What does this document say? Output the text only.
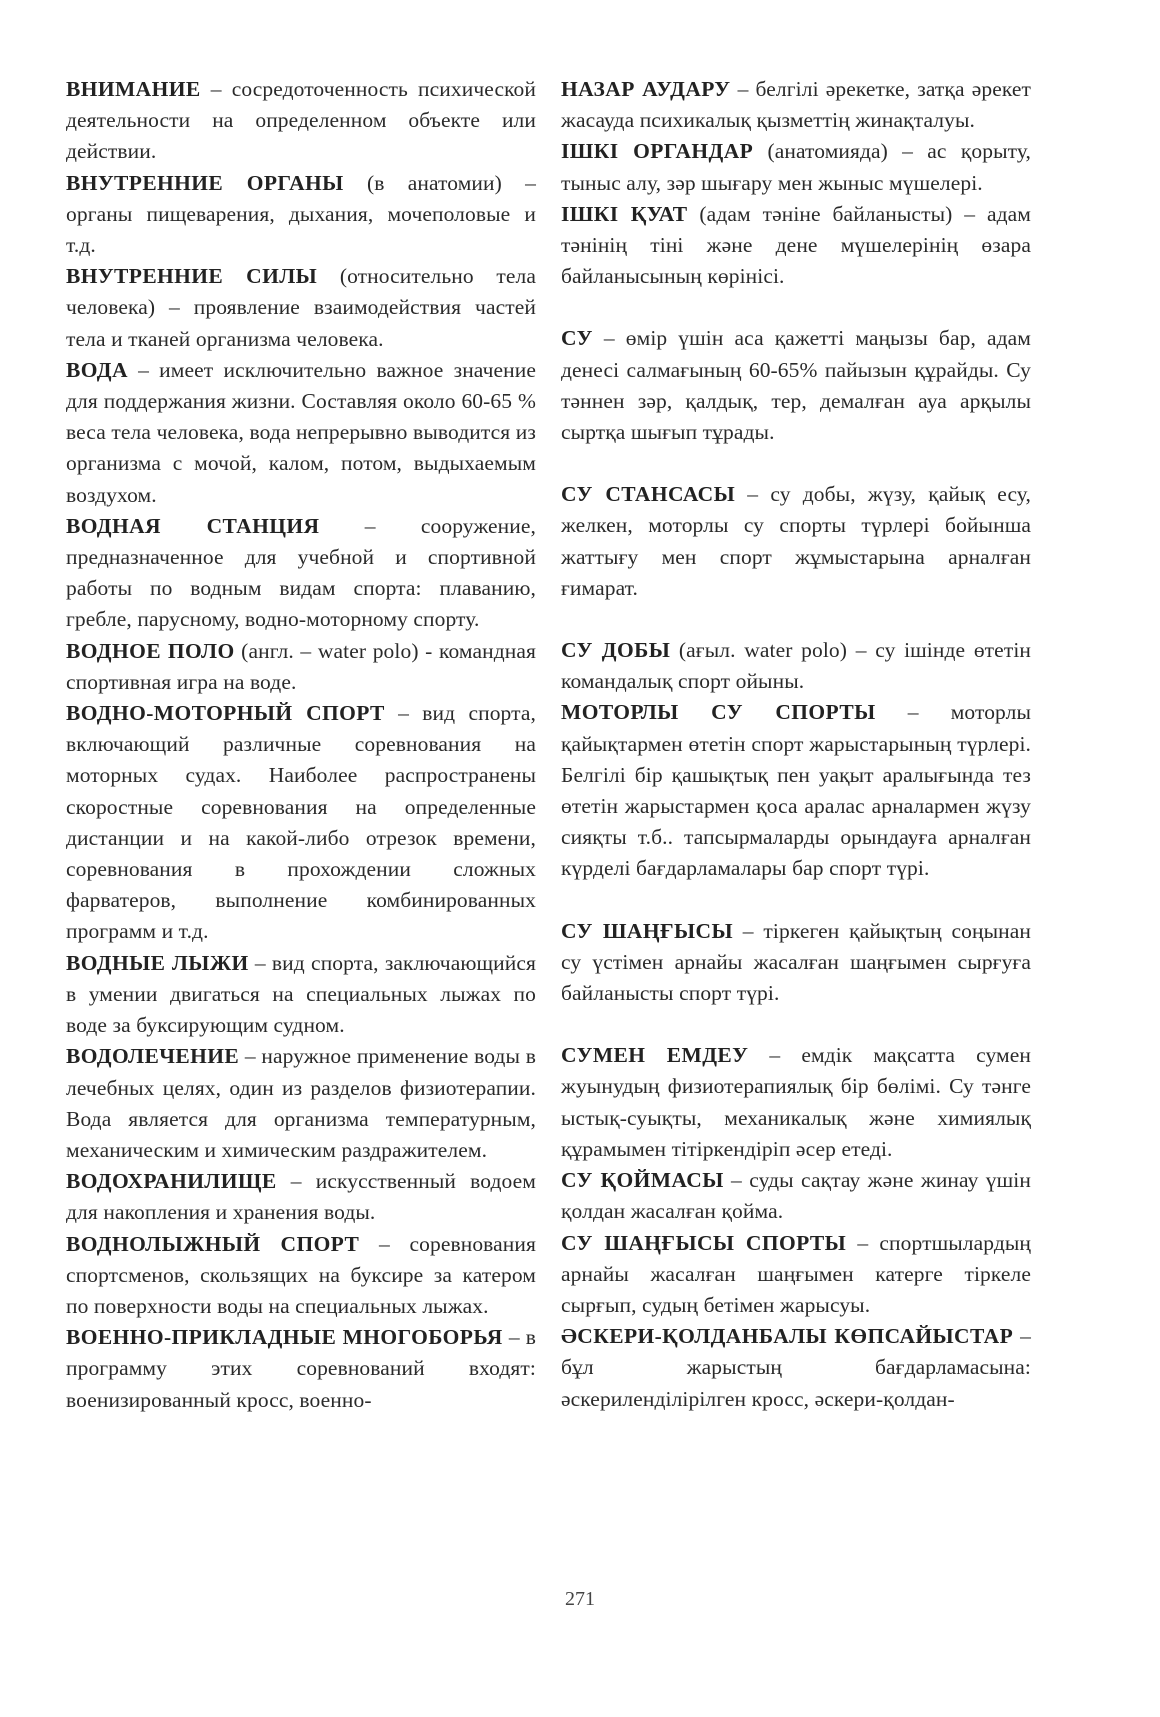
ВНИМАНИЕ – сосредоточенность психической деятельности на определенном объекте или действии.
ВНУТРЕННИЕ ОРГАНЫ (в анатомии) – органы пищеварения, дыхания, мочеполовые и т.д.
ВНУТРЕННИЕ СИЛЫ (относительно тела человека) – проявление взаимодействия частей тела и тканей организма человека.
ВОДА – имеет исключительно важное значение для поддержания жизни. Составляя около 60-65 % веса тела человека, вода непрерывно выводится из организма с мочой, калом, потом, выдыхаемым воздухом.
ВОДНАЯ СТАНЦИЯ – сооружение, предназначенное для учебной и спортивной работы по водным видам спорта: плаванию, гребле, парусному, водно-моторному спорту.
ВОДНОЕ ПОЛО (англ. – water polo) - командная спортивная игра на воде.
ВОДНО-МОТОРНЫЙ СПОРТ – вид спорта, включающий различные соревнования на моторных судах. Наиболее распространены скоростные соревнования на определенные дистанции и на какой-либо отрезок времени, соревнования в прохождении сложных фарватеров, выполнение комбинированных программ и т.д.
ВОДНЫЕ ЛЫЖИ – вид спорта, заключающийся в умении двигаться на специальных лыжах по воде за буксирующим судном.
ВОДОЛЕЧЕНИЕ – наружное применение воды в лечебных целях, один из разделов физиотерапии. Вода является для организма температурным, механическим и химическим раздражителем.
ВОДОХРАНИЛИЩЕ – искусственный водоем для накопления и хранения воды.
ВОДНОЛЫЖНЫЙ СПОРТ – соревнования спортсменов, скользящих на буксире за катером по поверхности воды на специальных лыжах.
ВОЕННО-ПРИКЛАДНЫЕ МНОГОБОРЬЯ – в программу этих соревнований входят: военизированный кросс, военно-
НАЗАР АУДАРУ – белгілі әрекетке, затқа әрекет жасауда психикалық қызметтің жинақталуы.
ІШКІ ОРГАНДАР (анатомияда) – ас қорыту, тыныс алу, зәр шығару мен жыныс мүшелері.
ІШКІ ҚУАТ (адам тәніне байланысты) – адам тәнінің тіні және дене мүшелерінің өзара байланысының көрінісі.
СУ – өмір үшін аса қажетті маңызы бар, адам денесі салмағының 60-65% пайызын құрайды. Су тәннен зәр, қалдық, тер, демалған ауа арқылы сыртқа шығып тұрады.
СУ СТАНСАСЫ – су добы, жүзу, қайық есу, желкен, моторлы су спорты түрлері бойынша жаттығу мен спорт жұмыстарына арналған ғимарат.
СУ ДОБЫ (ағыл. water polo) – су ішінде өтетін командалық спорт ойыны.
МОТОРЛЫ СУ СПОРТЫ – моторлы қайықтармен өтетін спорт жарыстарының түрлері. Белгілі бір қашықтық пен уақыт аралығында тез өтетін жарыстармен қоса аралас арналармен жүзу сияқты т.б.. тапсырмаларды орындауға арналған күрделі бағдарламалары бар спорт түрі.
СУ ШАҢҒЫСЫ – тіркеген қайықтың соңынан су үстімен арнайы жасалған шаңғымен сырғуға байланысты спорт түрі.
СУМЕН ЕМДЕУ – емдік мақсатта сумен жуынудың физиотерапиялық бір бөлімі. Су тәнге ыстық-суықты, механикалық және химиялық құрамымен тітіркендіріп әсер етеді.
СУ ҚОЙМАСЫ – суды сақтау және жинау үшін қолдан жасалған қойма.
СУ ШАҢҒЫСЫ СПОРТЫ – спортшылардың арнайы жасалған шаңғымен катерге тіркеле сырғып, судың бетімен жарысуы.
ӘСКЕРИ-ҚОЛДАНБАЛЫ КӨПСАЙЫСТАР – бұл жарыстың бағдарламасына: әскериленділірілген кросс, әскери-қолдан-
271
